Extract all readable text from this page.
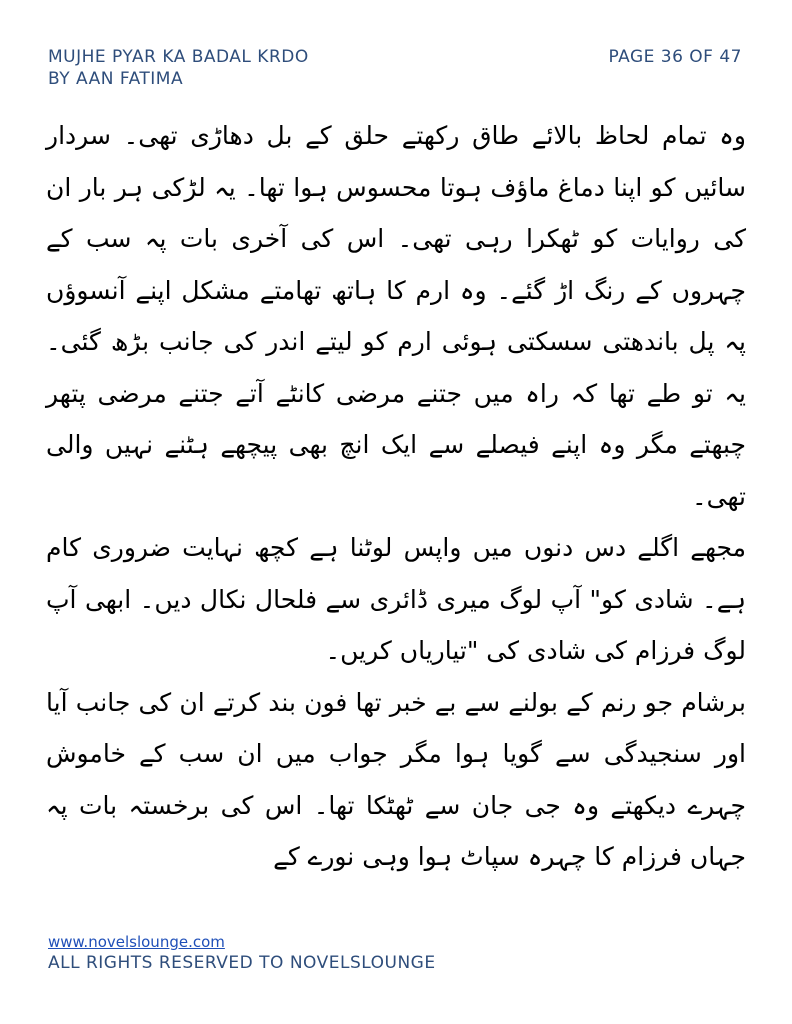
MUJHE PYAR KA BADAL KRDO
BY AAN FATIMA
PAGE 36 OF 47

وہ تمام لحاظ بالائے طاق رکھتے حلق کے بل دھاڑی تھی۔ سردار سائیں کو اپنا دماغ ماؤف ہوتا محسوس ہوا تھا۔ یہ لڑکی ہر بار ان کی روایات کو ٹھکرا رہی تھی۔ اس کی آخری بات پہ سب کے چہروں کے رنگ اڑ گئے۔ وہ ارم کا ہاتھ تھامتے مشکل اپنے آنسوؤں پہ پل باندھتی سسکتی ہوئی ارم کو لیتے اندر کی جانب بڑھ گئی۔ یہ تو طے تھا کہ راہ میں جتنے مرضی کانٹے آتے جتنے مرضی پتھر چبھتے مگر وہ اپنے فیصلے سے ایک انچ بھی پیچھے ہٹنے نہیں والی تھی۔

مجھے اگلے دس دنوں میں واپس لوٹنا ہے کچھ نہایت ضروری کام ہے۔ شادی کو" آپ لوگ میری ڈائری سے فلحال نکال دیں۔ ابھی آپ لوگ فرزام کی شادی کی "تیاریاں کریں۔

برشام جو رنم کے بولنے سے بے خبر تھا فون بند کرتے ان کی جانب آیا اور سنجیدگی سے گویا ہوا مگر جواب میں ان سب کے خاموش چہرے دیکھتے وہ جی جان سے ٹھٹکا تھا۔ اس کی برخستہ بات پہ جہاں فرزام کا چہرہ سپاٹ ہوا وہی نورے کے

www.novelslounge.com
ALL RIGHTS RESERVED TO NOVELSLOUNGE
